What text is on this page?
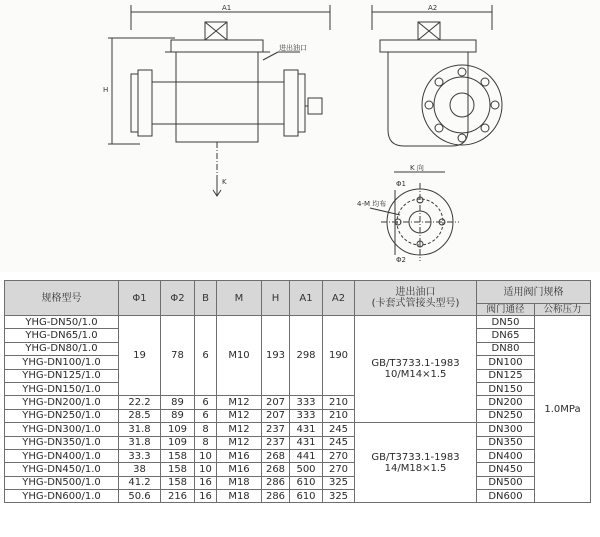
A1	A2
H
K
K 向
进出油口
Φ1
Φ2
4-M 均布
规格型号	Φ1	Φ2	B	M	H	A1	A2	进出油口
(卡套式管接头型号)	适用阀门规格	
									阀门通径	公称压力
YHG-DN50/1.0	19	78	6	M10	193	298	190	GB/T3733.1-1983
10/M14×1.5	DN50	1.0MPa
YHG-DN65/1.0									DN65	
YHG-DN80/1.0									DN80	
YHG-DN100/1.0									DN100	
YHG-DN125/1.0									DN125	
YHG-DN150/1.0									DN150	
YHG-DN200/1.0	22.2	89	6	M12	207	333	210		DN200	
YHG-DN250/1.0	28.5	89	6	M12	207	333	210		DN250	
YHG-DN300/1.0	31.8	109	8	M12	237	431	245	GB/T3733.1-1983
14/M18×1.5	DN300	
YHG-DN350/1.0	31.8	109	8	M12	237	431	245		DN350	
YHG-DN400/1.0	33.3	158	10	M16	268	441	270		DN400	
YHG-DN450/1.0	38	158	10	M16	268	500	270		DN450	
YHG-DN500/1.0	41.2	158	16	M18	286	610	325		DN500	
YHG-DN600/1.0	50.6	216	16	M18	286	610	325		DN600	
